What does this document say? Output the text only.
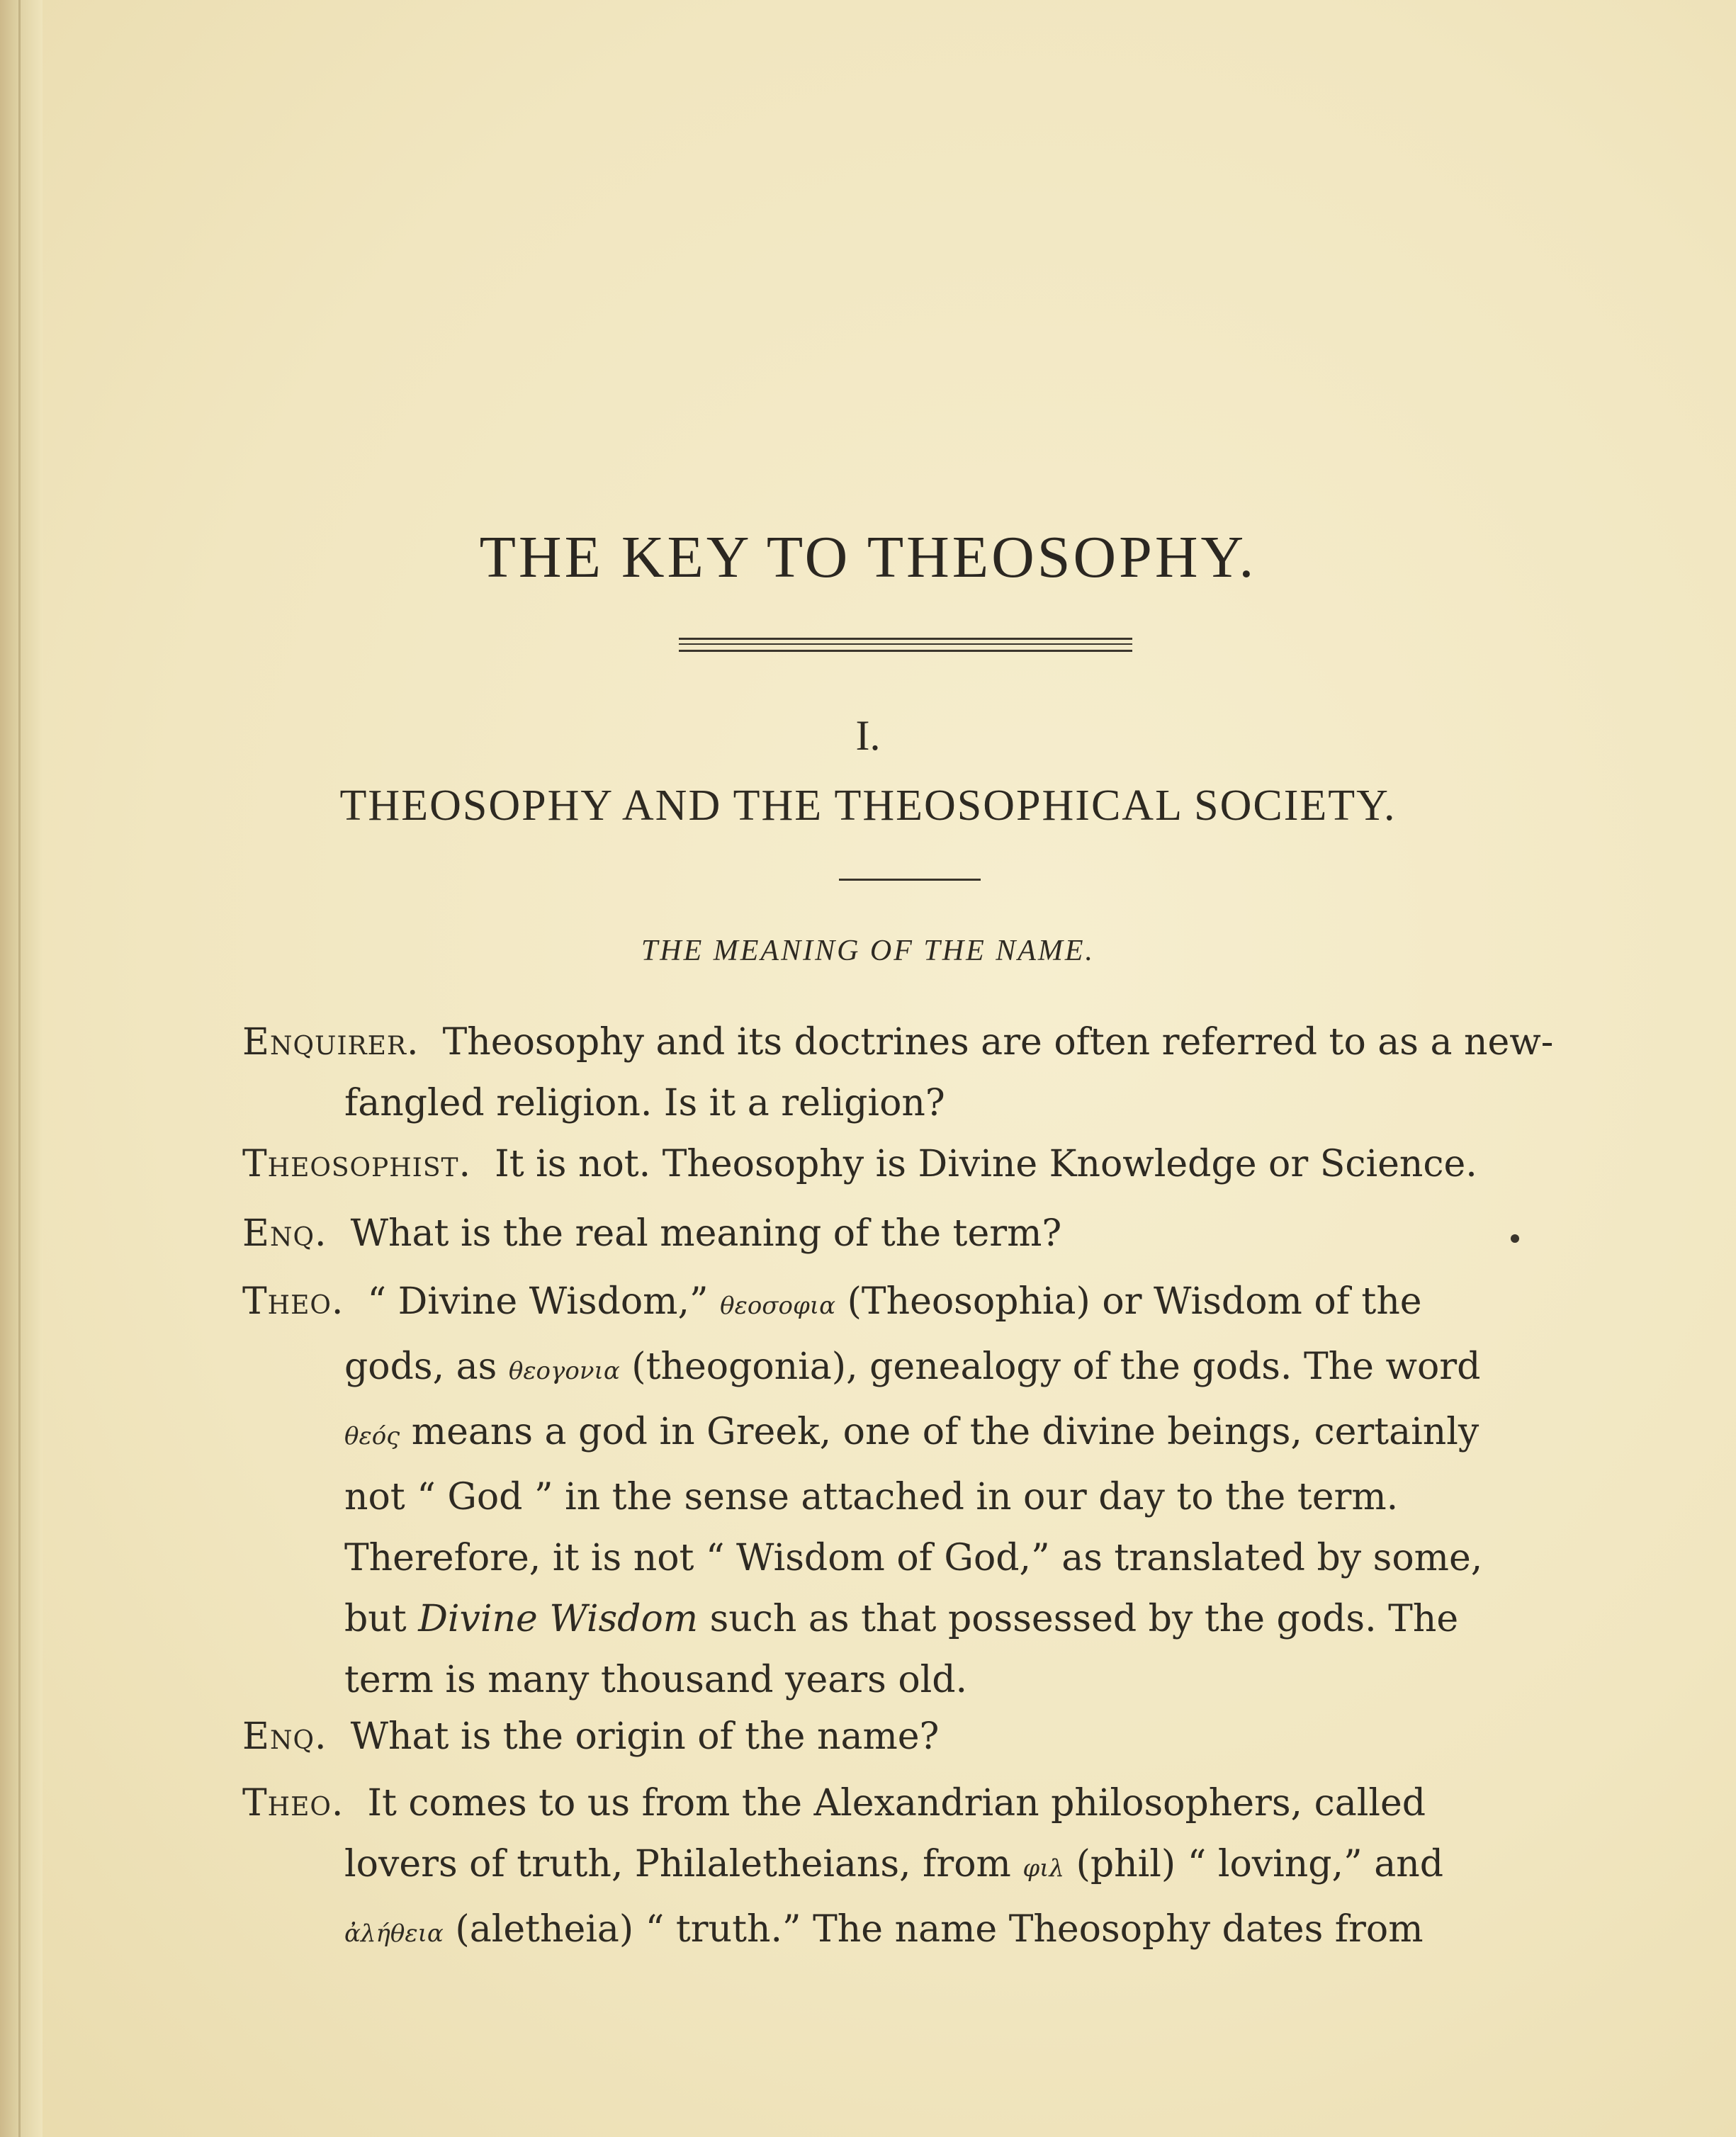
THE KEY TO THEOSOPHY.
I.
THEOSOPHY AND THE THEOSOPHICAL SOCIETY.
THE MEANING OF THE NAME.
Enquirer. Theosophy and its doctrines are often referred to as a new-
fangled religion. Is it a religion?
Theosophist. It is not. Theosophy is Divine Knowledge or Science.
Enq. What is the real meaning of the term?
Theo. “ Divine Wisdom,” θεοσοφια (Theosophia) or Wisdom of the
gods, as θεογονια (theogonia), genealogy of the gods. The word
θεός means a god in Greek, one of the divine beings, certainly
not “ God ” in the sense attached in our day to the term.
Therefore, it is not “ Wisdom of God,” as translated by some,
but Divine Wisdom such as that possessed by the gods. The
term is many thousand years old.
Enq. What is the origin of the name?
Theo. It comes to us from the Alexandrian philosophers, called
lovers of truth, Philaletheians, from φιλ (phil) “ loving,” and
ἀλήθεια (aletheia) “ truth.” The name Theosophy dates from
